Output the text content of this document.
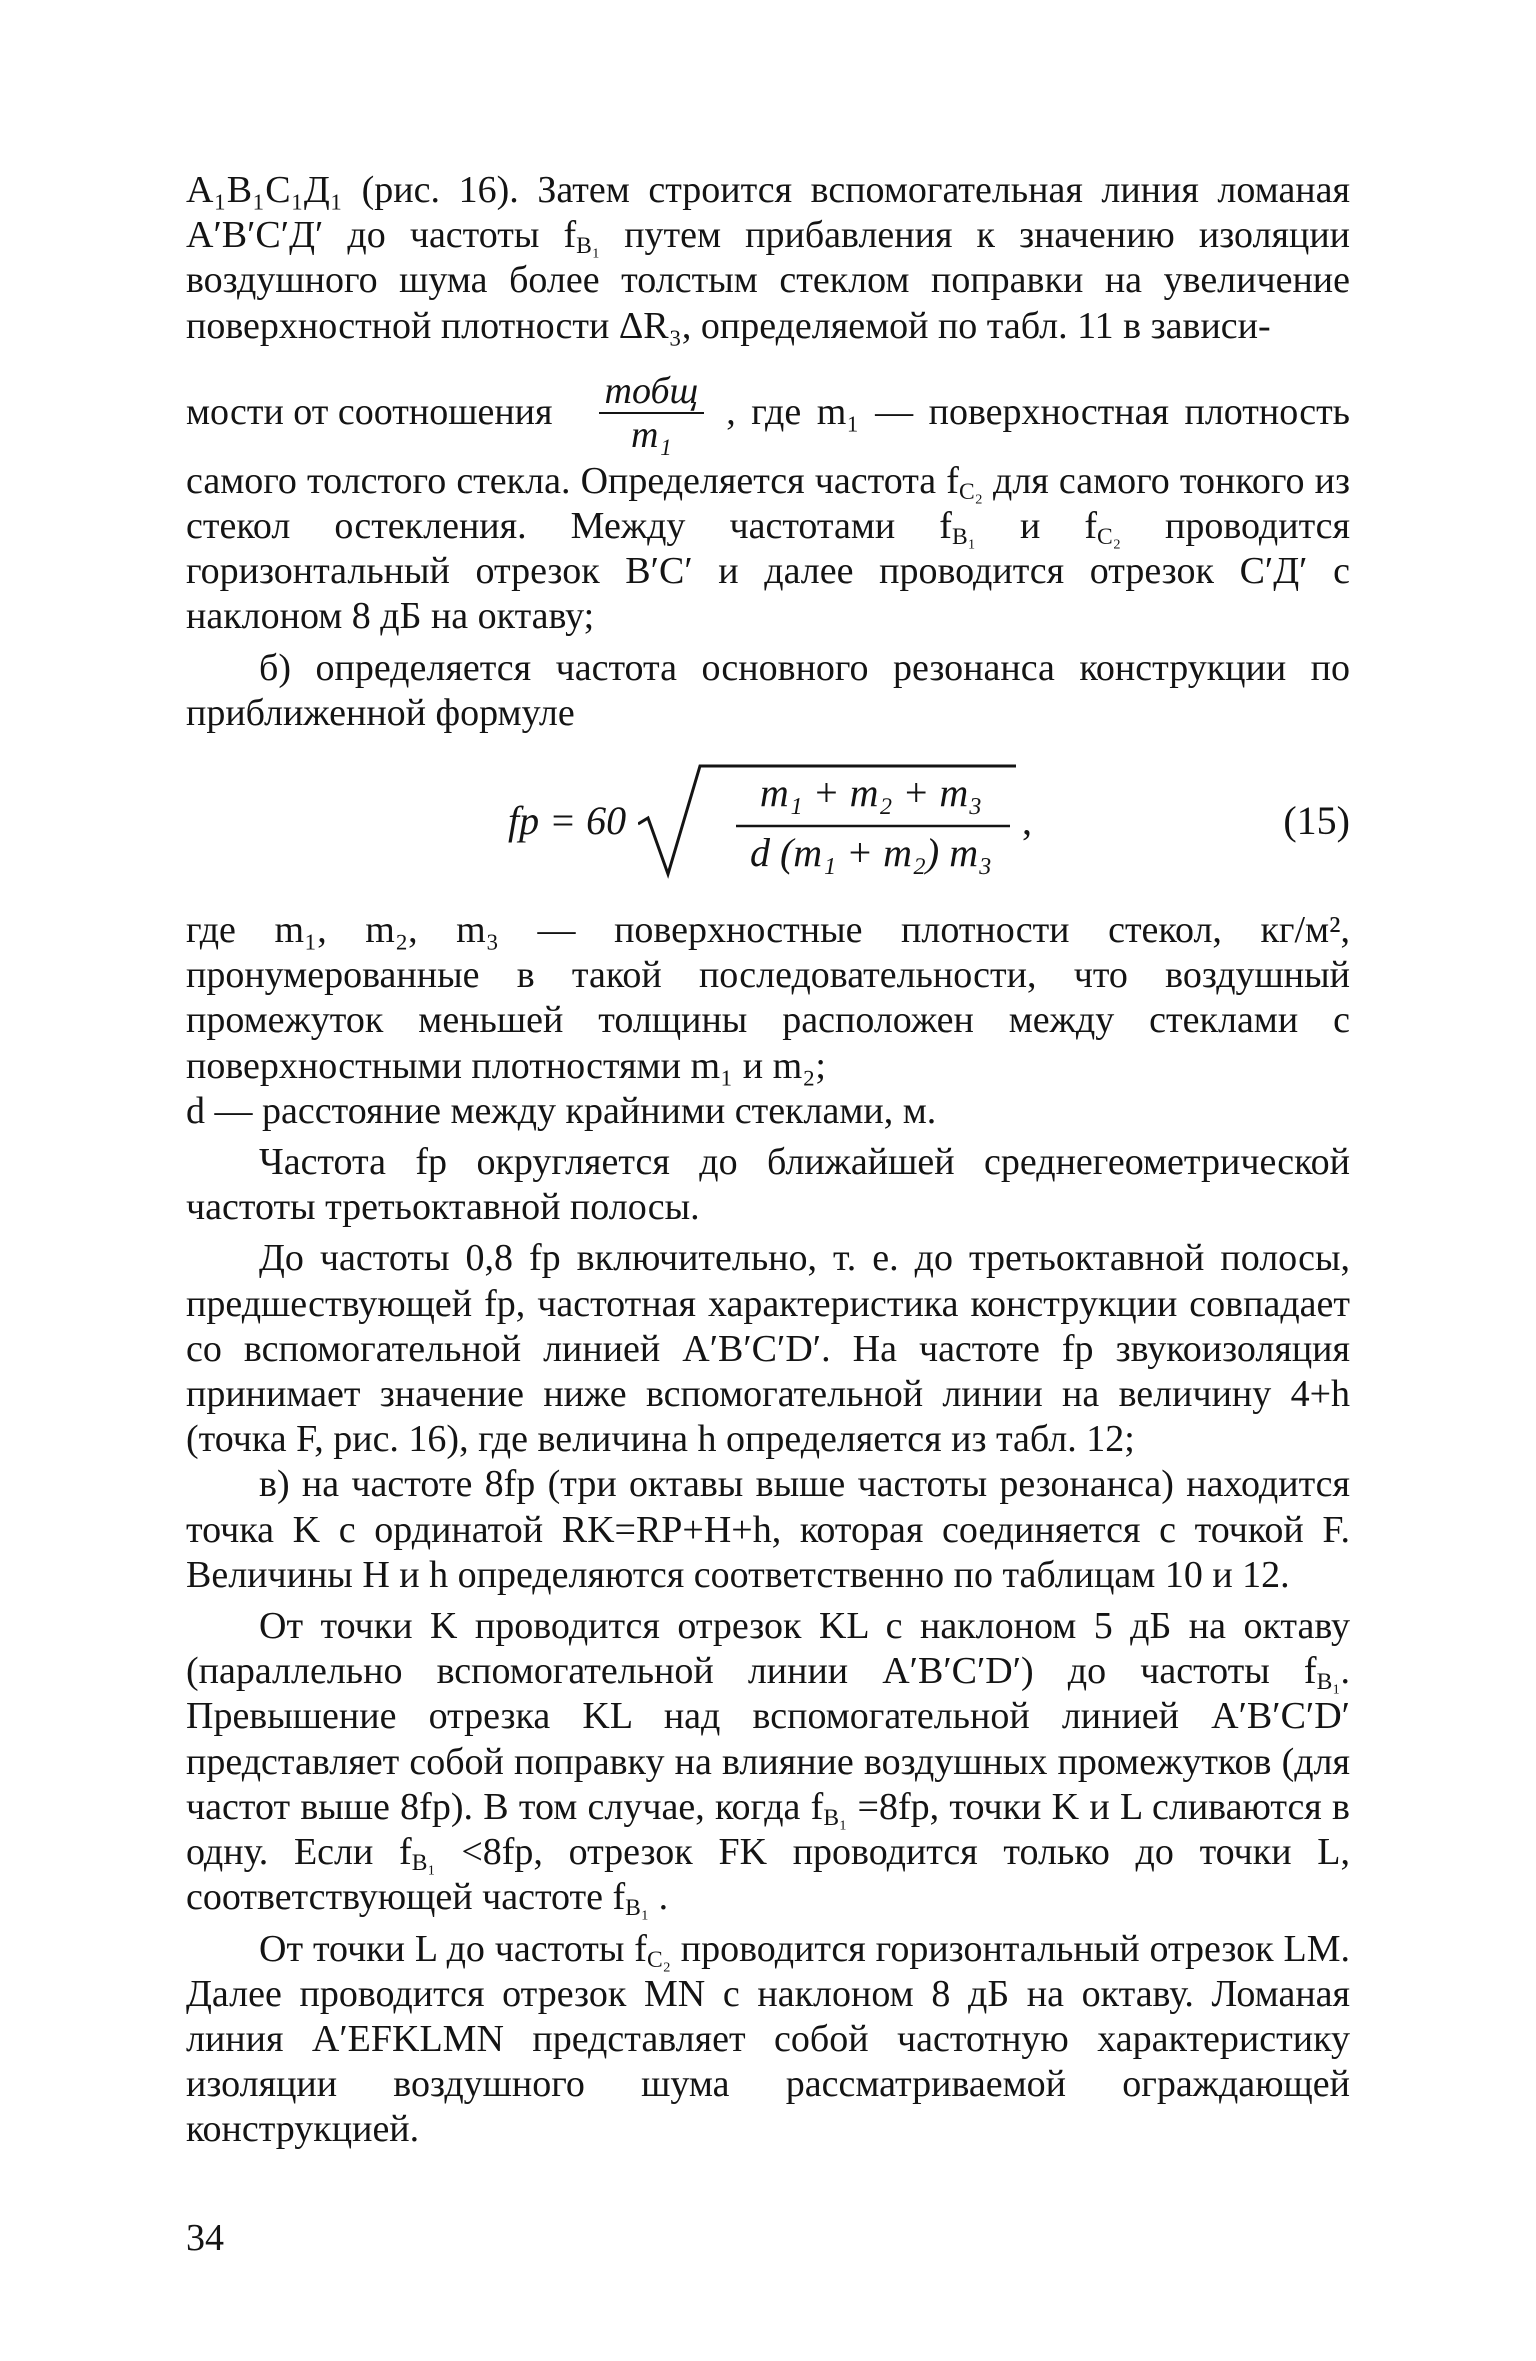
A₁B₁C₁Д₁ (рис. 16). Затем строится вспомогательная линия ломаная A′B′C′Д′ до частоты $f_{B_1}$ путем прибавления к значению изоляции воздушного шума более толстым стеклом поправки на увеличение поверхностной плотности ΔR₃, определяемой по табл. 11 в зависи-

мости от соотношения $\frac{\text{mобщ}}{\text{m₁}}$ , где m₁ — поверхностная плотность

самого толстого стекла. Определяется частота $f_{C_2}$ для самого тонкого из стекол остекления. Между частотами $f_{B_1}$ и $f_{C_2}$ проводится горизонтальный отрезок B′C′ и далее проводится отрезок C′Д′ с наклоном 8 дБ на октаву;

б) определяется частота основного резонанса конструкции по приближенной формуле

fр = 60
m₁ + m₂ + m₃
d (m₁ + m₂) m₃
,	(15)

где m₁, m₂, m₃ — поверхностные плотности стекол, кг/м², пронумерованные в такой последовательности, что воздушный промежуток меньшей толщины расположен между стеклами с поверхностными плотностями m₁ и m₂;

d — расстояние между крайними стеклами, м.

Частота fр округляется до ближайшей среднегеометрической частоты третьоктавной полосы.

До частоты 0,8 fр включительно, т. е. до третьоктавной полосы, предшествующей fр, частотная характеристика конструкции совпадает со вспомогательной линией A′B′C′D′. На частоте fр звукоизоляция принимает значение ниже вспомогательной линии на величину 4+h (точка F, рис. 16), где величина h определяется из табл. 12;

в) на частоте 8fр (три октавы выше частоты резонанса) находится точка K с ординатой RK=RP+H+h, которая соединяется с точкой F. Величины H и h определяются соответственно по таблицам 10 и 12.

От точки K проводится отрезок KL с наклоном 5 дБ на октаву (параллельно вспомогательной линии A′B′C′D′) до частоты $f_{B_1}$. Превышение отрезка KL над вспомогательной линией A′B′C′D′ представляет собой поправку на влияние воздушных промежутков (для частот выше 8fр). В том случае, когда $f_{B_1} =8fр$, точки K и L сливаются в одну. Если $f_{B_1} <8fр$, отрезок FK проводится только до точки L, соответствующей частоте $f_{B_1}$ .

От точки L до частоты $f_{C_2}$ проводится горизонтальный отрезок LM. Далее проводится отрезок MN с наклоном 8 дБ на октаву. Ломаная линия A′EFKLMN представляет собой частотную характеристику изоляции воздушного шума рассматриваемой ограждающей конструкцией.

34
